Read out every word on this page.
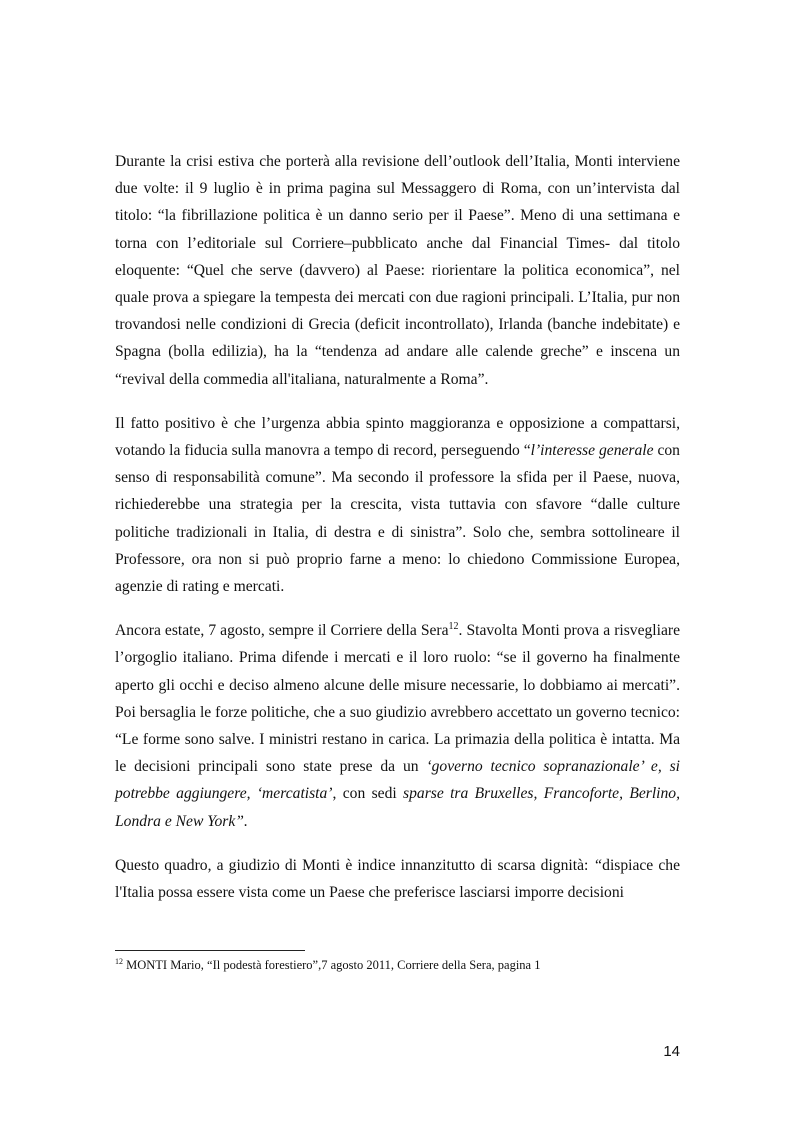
Durante la crisi estiva che porterà alla revisione dell’outlook dell’Italia, Monti interviene due volte: il 9 luglio è in prima pagina sul Messaggero di Roma, con un’intervista dal titolo: “la fibrillazione politica è un danno serio per il Paese”. Meno di una settimana e torna con l’editoriale sul Corriere–pubblicato anche dal Financial Times- dal titolo eloquente: “Quel che serve (davvero) al Paese: riorientare la politica economica”, nel quale prova a spiegare la tempesta dei mercati con due ragioni principali. L’Italia, pur non trovandosi nelle condizioni di Grecia (deficit incontrollato), Irlanda (banche indebitate) e Spagna (bolla edilizia), ha la “tendenza ad andare alle calende greche” e inscena un “revival della commedia all'italiana, naturalmente a Roma”.

Il fatto positivo è che l’urgenza abbia spinto maggioranza e opposizione a compattarsi, votando la fiducia sulla manovra a tempo di record, perseguendo “l’interesse generale con senso di responsabilità comune”. Ma secondo il professore la sfida per il Paese, nuova, richiederebbe una strategia per la crescita, vista tuttavia con sfavore “dalle culture politiche tradizionali in Italia, di destra e di sinistra”. Solo che, sembra sottolineare il Professore, ora non si può proprio farne a meno: lo chiedono Commissione Europea, agenzie di rating e mercati.

Ancora estate, 7 agosto, sempre il Corriere della Sera$^{12}$. Stavolta Monti prova a risvegliare l’orgoglio italiano. Prima difende i mercati e il loro ruolo: “se il governo ha finalmente aperto gli occhi e deciso almeno alcune delle misure necessarie, lo dobbiamo ai mercati”. Poi bersaglia le forze politiche, che a suo giudizio avrebbero accettato un governo tecnico: “Le forme sono salve. I ministri restano in carica. La primazia della politica è intatta. Ma le decisioni principali sono state prese da un ‘governo tecnico sopranazionale’ e, si potrebbe aggiungere, ‘mercatista’, con sedi sparse tra Bruxelles, Francoforte, Berlino, Londra e New York”.

Questo quadro, a giudizio di Monti è indice innanzitutto di scarsa dignità: “dispiace che l'Italia possa essere vista come un Paese che preferisce lasciarsi imporre decisioni

$^{12}$ MONTI Mario, “Il podestà forestiero”,7 agosto 2011, Corriere della Sera, pagina 1
14
